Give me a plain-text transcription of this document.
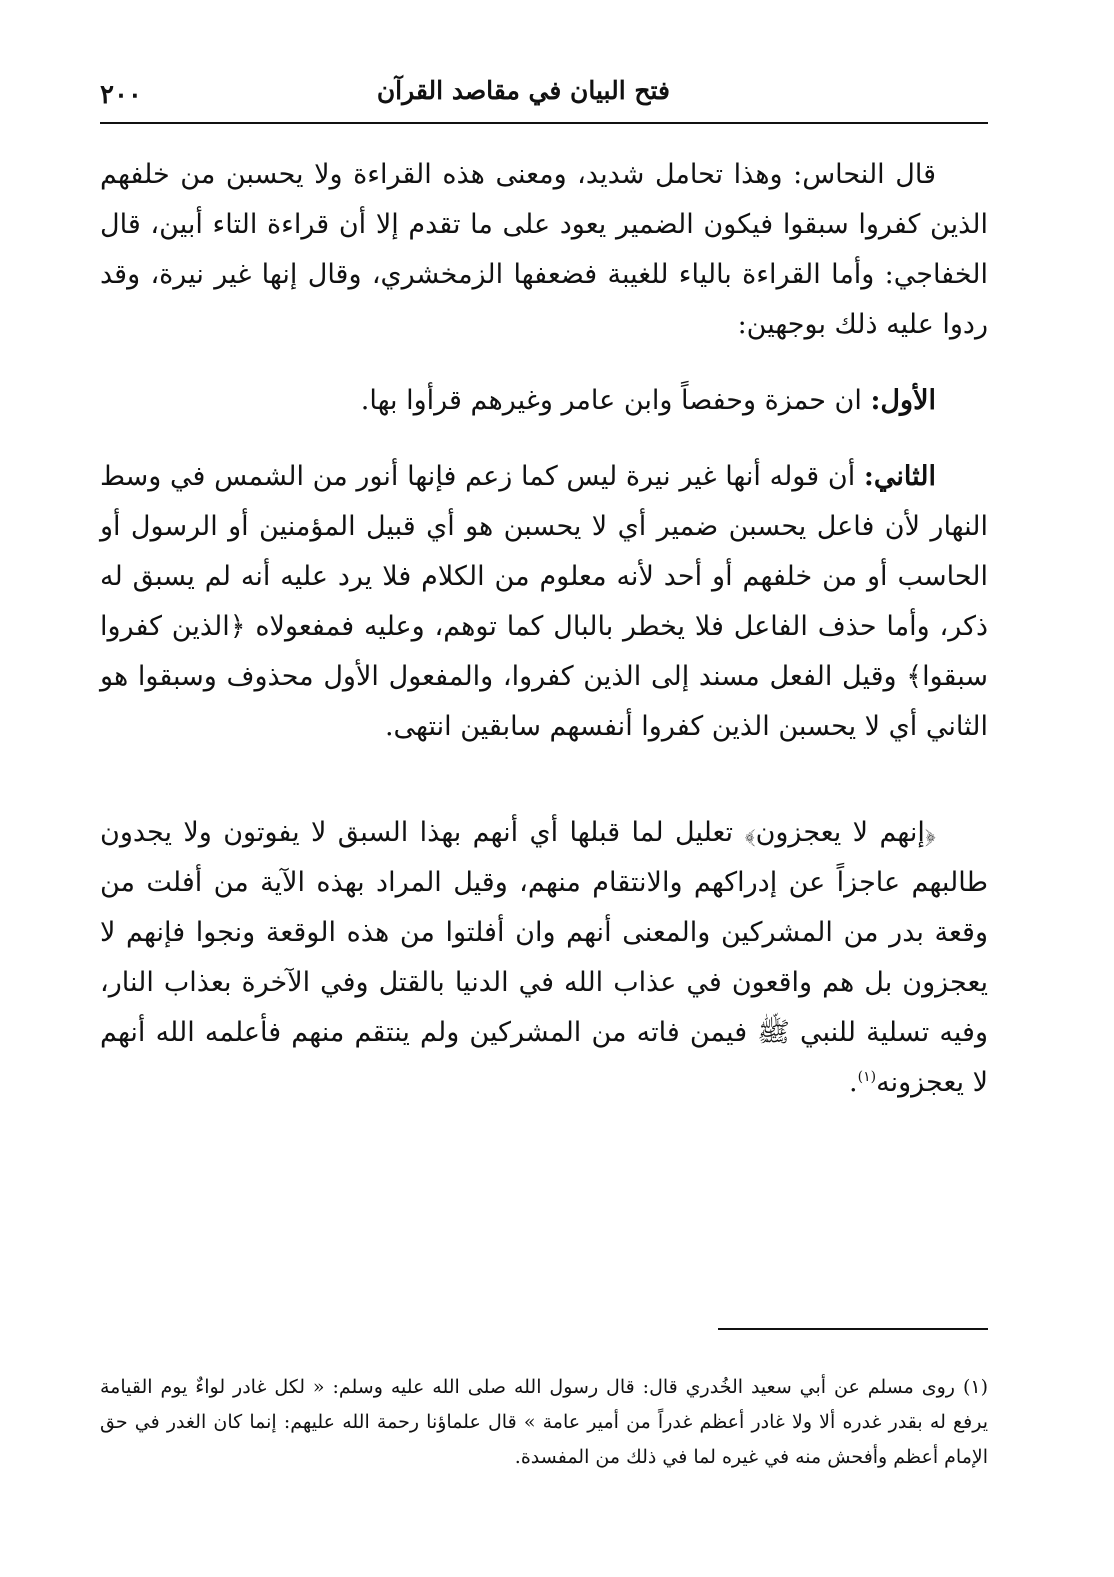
فتح البيان في مقاصد القرآن
٢٠٠

قال النحاس: وهذا تحامل شديد، ومعنى هذه القراءة ولا يحسبن من خلفهم الذين كفروا سبقوا فيكون الضمير يعود على ما تقدم إلا أن قراءة التاء أبين، قال الخفاجي: وأما القراءة بالياء للغيبة فضعفها الزمخشري، وقال إنها غير نيرة، وقد ردوا عليه ذلك بوجهين:

الأول: ان حمزة وحفصاً وابن عامر وغيرهم قرأوا بها.

الثاني: أن قوله أنها غير نيرة ليس كما زعم فإنها أنور من الشمس في وسط النهار لأن فاعل يحسبن ضمير أي لا يحسبن هو أي قبيل المؤمنين أو الرسول أو الحاسب أو من خلفهم أو أحد لأنه معلوم من الكلام فلا يرد عليه أنه لم يسبق له ذكر، وأما حذف الفاعل فلا يخطر بالبال كما توهم، وعليه فمفعولاه ﴿الذين كفروا سبقوا﴾ وقيل الفعل مسند إلى الذين كفروا، والمفعول الأول محذوف وسبقوا هو الثاني أي لا يحسبن الذين كفروا أنفسهم سابقين انتهى.

﴿إنهم لا يعجزون﴾ تعليل لما قبلها أي أنهم بهذا السبق لا يفوتون ولا يجدون طالبهم عاجزاً عن إدراكهم والانتقام منهم، وقيل المراد بهذه الآية من أفلت من وقعة بدر من المشركين والمعنى أنهم وان أفلتوا من هذه الوقعة ونجوا فإنهم لا يعجزون بل هم واقعون في عذاب الله في الدنيا بالقتل وفي الآخرة بعذاب النار، وفيه تسلية للنبي ﷺ فيمن فاته من المشركين ولم ينتقم منهم فأعلمه الله أنهم لا يعجزونه$^{(١)}$.

(١)روى مسلم عن أبي سعيد الخُدري قال: قال رسول الله صلى الله عليه وسلم: « لكل غادر لواءٌ يوم القيامة يرفع له بقدر غدره ألا ولا غادر أعظم غدراً من أمير عامة » قال علماؤنا رحمة الله عليهم: إنما كان الغدر في حق الإمام أعظم وأفحش منه في غيره لما في ذلك من المفسدة.
